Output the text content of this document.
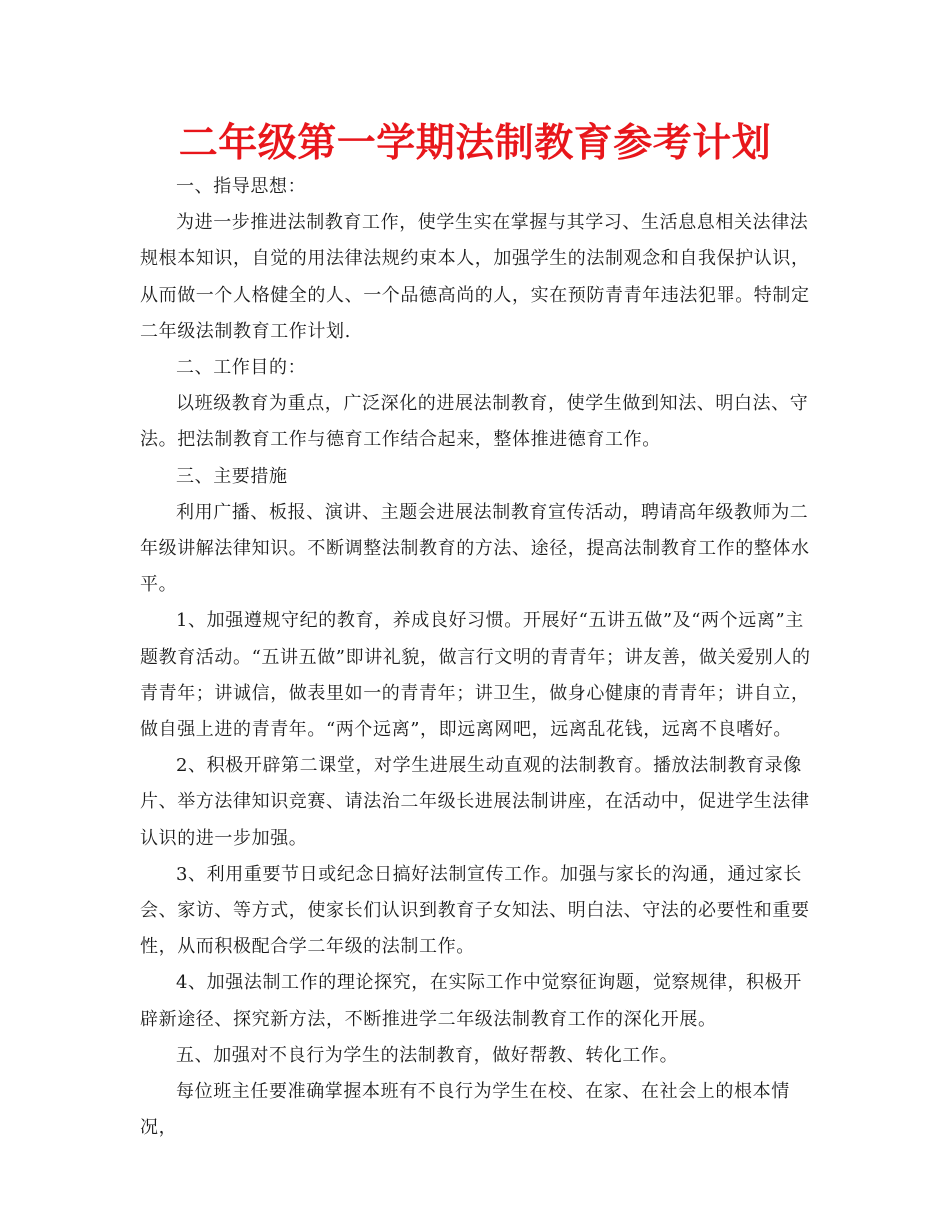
二年级第一学期法制教育参考计划

一、指导思想：

为进一步推进法制教育工作，使学生实在掌握与其学习、生活息息相关法律法规根本知识，自觉的用法律法规约束本人，加强学生的法制观念和自我保护认识，从而做一个人格健全的人、一个品德高尚的人，实在预防青青年违法犯罪。特制定二年级法制教育工作计划.

二、工作目的：

以班级教育为重点，广泛深化的进展法制教育，使学生做到知法、明白法、守法。把法制教育工作与德育工作结合起来，整体推进德育工作。

三、主要措施

利用广播、板报、演讲、主题会进展法制教育宣传活动，聘请高年级教师为二年级讲解法律知识。不断调整法制教育的方法、途径，提高法制教育工作的整体水平。

1、加强遵规守纪的教育，养成良好习惯。开展好“五讲五做”及“两个远离”主题教育活动。“五讲五做”即讲礼貌，做言行文明的青青年；讲友善，做关爱别人的青青年；讲诚信，做表里如一的青青年；讲卫生，做身心健康的青青年；讲自立，做自强上进的青青年。“两个远离”，即远离网吧，远离乱花钱，远离不良嗜好。

2、积极开辟第二课堂，对学生进展生动直观的法制教育。播放法制教育录像片、举方法律知识竞赛、请法治二年级长进展法制讲座，在活动中，促进学生法律认识的进一步加强。

3、利用重要节日或纪念日搞好法制宣传工作。加强与家长的沟通，通过家长会、家访、等方式，使家长们认识到教育子女知法、明白法、守法的必要性和重要性，从而积极配合学二年级的法制工作。

4、加强法制工作的理论探究，在实际工作中觉察征询题，觉察规律，积极开辟新途径、探究新方法，不断推进学二年级法制教育工作的深化开展。

五、加强对不良行为学生的法制教育，做好帮教、转化工作。

每位班主任要准确掌握本班有不良行为学生在校、在家、在社会上的根本情况，
